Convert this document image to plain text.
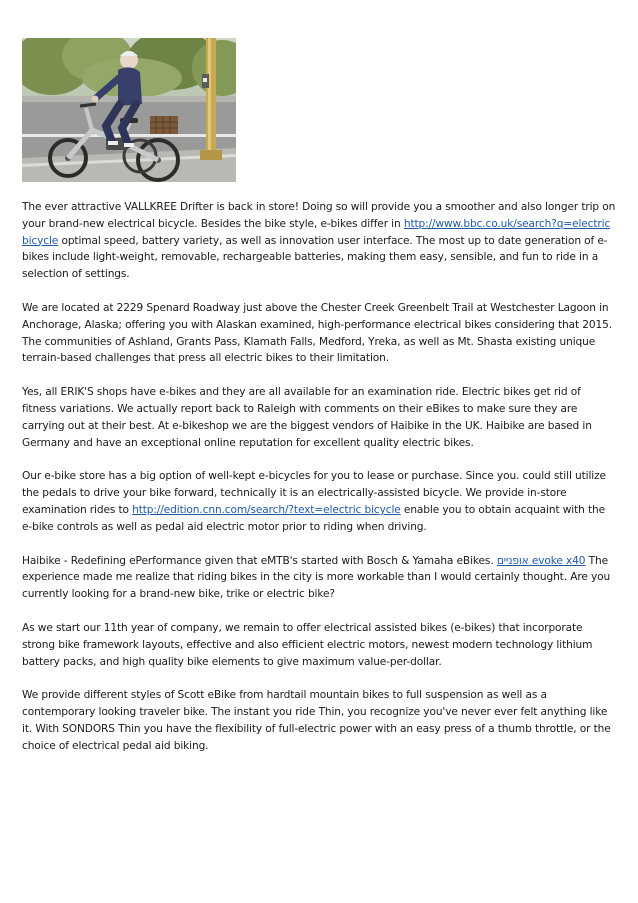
The ever attractive VALLKREE Drifter is back in store! Doing so will provide you a smoother and also longer trip on your brand-new electrical bicycle. Besides the bike style, e-bikes differ in http://www.bbc.co.uk/search?q=electric bicycle optimal speed, battery variety, as well as innovation user interface. The most up to date generation of e-bikes include light-weight, removable, rechargeable batteries, making them easy, sensible, and fun to ride in a selection of settings.

We are located at 2229 Spenard Roadway just above the Chester Creek Greenbelt Trail at Westchester Lagoon in Anchorage, Alaska; offering you with Alaskan examined, high-performance electrical bikes considering that 2015. The communities of Ashland, Grants Pass, Klamath Falls, Medford, Yreka, as well as Mt. Shasta existing unique terrain-based challenges that press all electric bikes to their limitation.

Yes, all ERIK'S shops have e-bikes and they are all available for an examination ride. Electric bikes get rid of fitness variations. We actually report back to Raleigh with comments on their eBikes to make sure they are carrying out at their best. At e-bikeshop we are the biggest vendors of Haibike in the UK. Haibike are based in Germany and have an exceptional online reputation for excellent quality electric bikes.

Our e-bike store has a big option of well-kept e-bicycles for you to lease or purchase. Since you. could still utilize the pedals to drive your bike forward, technically it is an electrically-assisted bicycle. We provide in-store examination rides to http://edition.cnn.com/search/?text=electric bicycle enable you to obtain acquaint with the e-bike controls as well as pedal aid electric motor prior to riding when driving.

Haibike - Redefining ePerformance given that eMTB's started with Bosch & Yamaha eBikes. אופניים evoke x40 The experience made me realize that riding bikes in the city is more workable than I would certainly thought. Are you currently looking for a brand-new bike, trike or electric bike?

As we start our 11th year of company, we remain to offer electrical assisted bikes (e-bikes) that incorporate strong bike framework layouts, effective and also efficient electric motors, newest modern technology lithium battery packs, and high quality bike elements to give maximum value-per-dollar.

We provide different styles of Scott eBike from hardtail mountain bikes to full suspension as well as a contemporary looking traveler bike. The instant you ride Thin, you recognize you've never ever felt anything like it. With SONDORS Thin you have the flexibility of full-electric power with an easy press of a thumb throttle, or the choice of electrical pedal aid biking.
